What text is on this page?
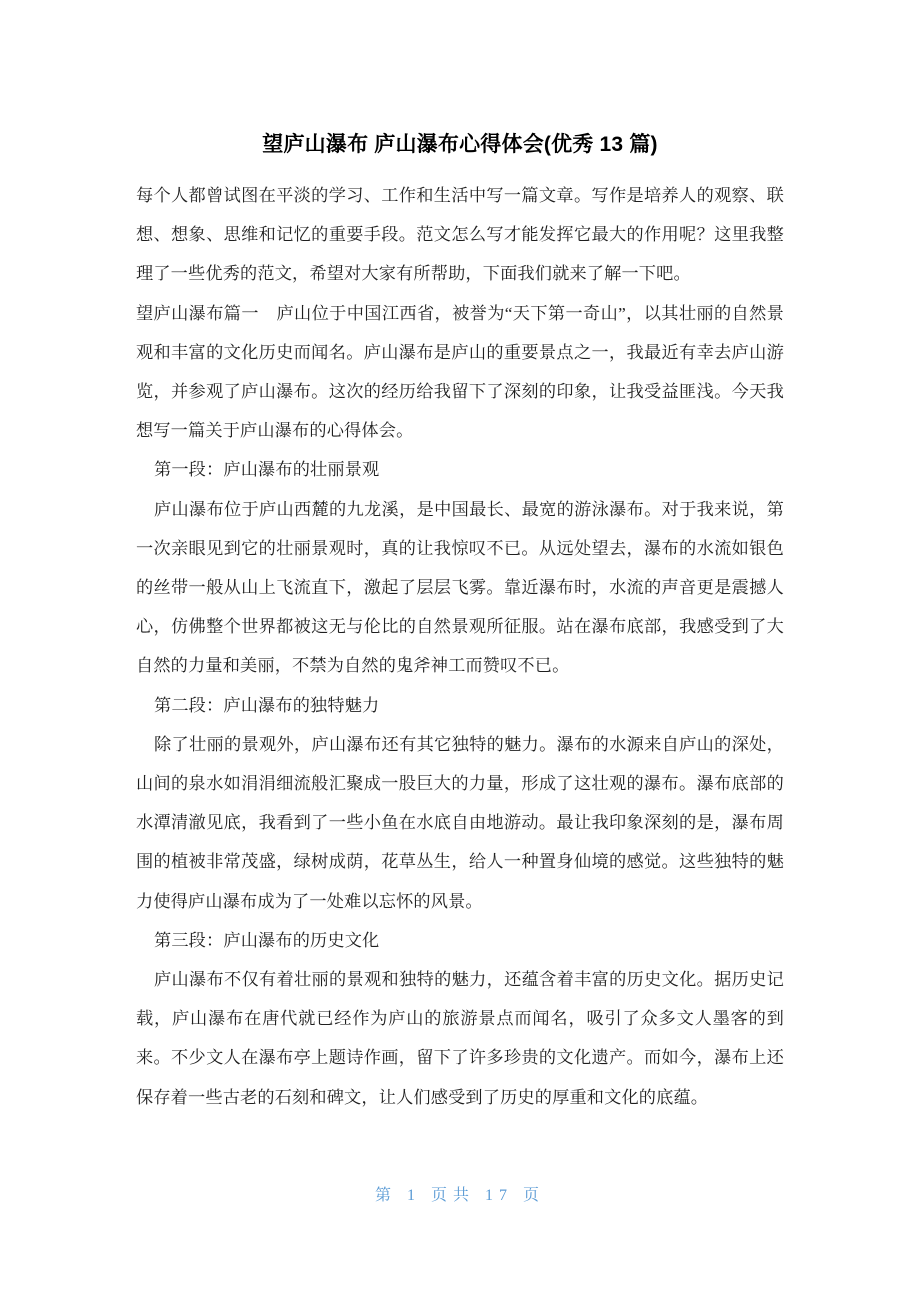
望庐山瀑布 庐山瀑布心得体会(优秀 13 篇)

每个人都曾试图在平淡的学习、工作和生活中写一篇文章。写作是培养人的观察、联想、想象、思维和记忆的重要手段。范文怎么写才能发挥它最大的作用呢？这里我整理了一些优秀的范文，希望对大家有所帮助，下面我们就来了解一下吧。

望庐山瀑布篇一　庐山位于中国江西省，被誉为“天下第一奇山”，以其壮丽的自然景观和丰富的文化历史而闻名。庐山瀑布是庐山的重要景点之一，我最近有幸去庐山游览，并参观了庐山瀑布。这次的经历给我留下了深刻的印象，让我受益匪浅。今天我想写一篇关于庐山瀑布的心得体会。

第一段：庐山瀑布的壮丽景观

庐山瀑布位于庐山西麓的九龙溪，是中国最长、最宽的游泳瀑布。对于我来说，第一次亲眼见到它的壮丽景观时，真的让我惊叹不已。从远处望去，瀑布的水流如银色的丝带一般从山上飞流直下，激起了层层飞雾。靠近瀑布时，水流的声音更是震撼人心，仿佛整个世界都被这无与伦比的自然景观所征服。站在瀑布底部，我感受到了大自然的力量和美丽，不禁为自然的鬼斧神工而赞叹不已。

第二段：庐山瀑布的独特魅力

除了壮丽的景观外，庐山瀑布还有其它独特的魅力。瀑布的水源来自庐山的深处，山间的泉水如涓涓细流般汇聚成一股巨大的力量，形成了这壮观的瀑布。瀑布底部的水潭清澈见底，我看到了一些小鱼在水底自由地游动。最让我印象深刻的是，瀑布周围的植被非常茂盛，绿树成荫，花草丛生，给人一种置身仙境的感觉。这些独特的魅力使得庐山瀑布成为了一处难以忘怀的风景。

第三段：庐山瀑布的历史文化

庐山瀑布不仅有着壮丽的景观和独特的魅力，还蕴含着丰富的历史文化。据历史记载，庐山瀑布在唐代就已经作为庐山的旅游景点而闻名，吸引了众多文人墨客的到来。不少文人在瀑布亭上题诗作画，留下了许多珍贵的文化遗产。而如今，瀑布上还保存着一些古老的石刻和碑文，让人们感受到了历史的厚重和文化的底蕴。

第 1 页共 17 页
